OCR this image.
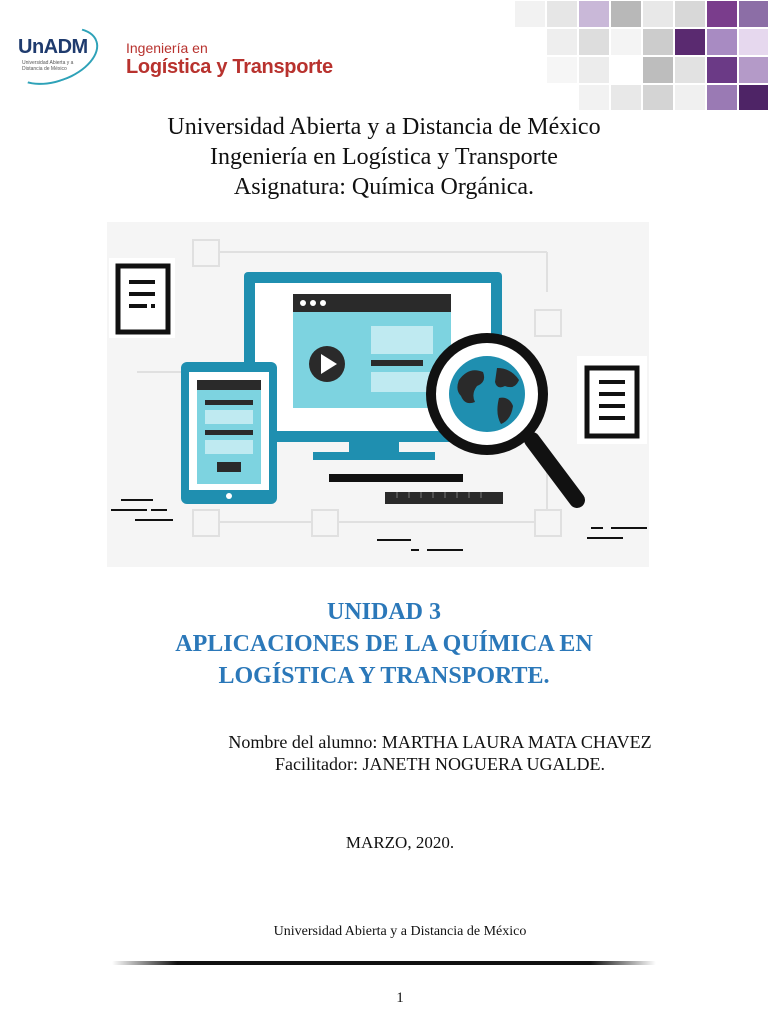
UnADM
Universidad Abierta y a Distancia de México
Ingeniería en
Logística y Transporte
Universidad Abierta y a Distancia de México
Ingeniería en Logística y Transporte
Asignatura: Química Orgánica.
UNIDAD 3
APLICACIONES DE LA QUÍMICA EN
LOGÍSTICA Y TRANSPORTE.
Nombre del alumno: MARTHA LAURA MATA CHAVEZ
Facilitador: JANETH NOGUERA UGALDE.
MARZO, 2020.
Universidad Abierta y a Distancia de México
1
